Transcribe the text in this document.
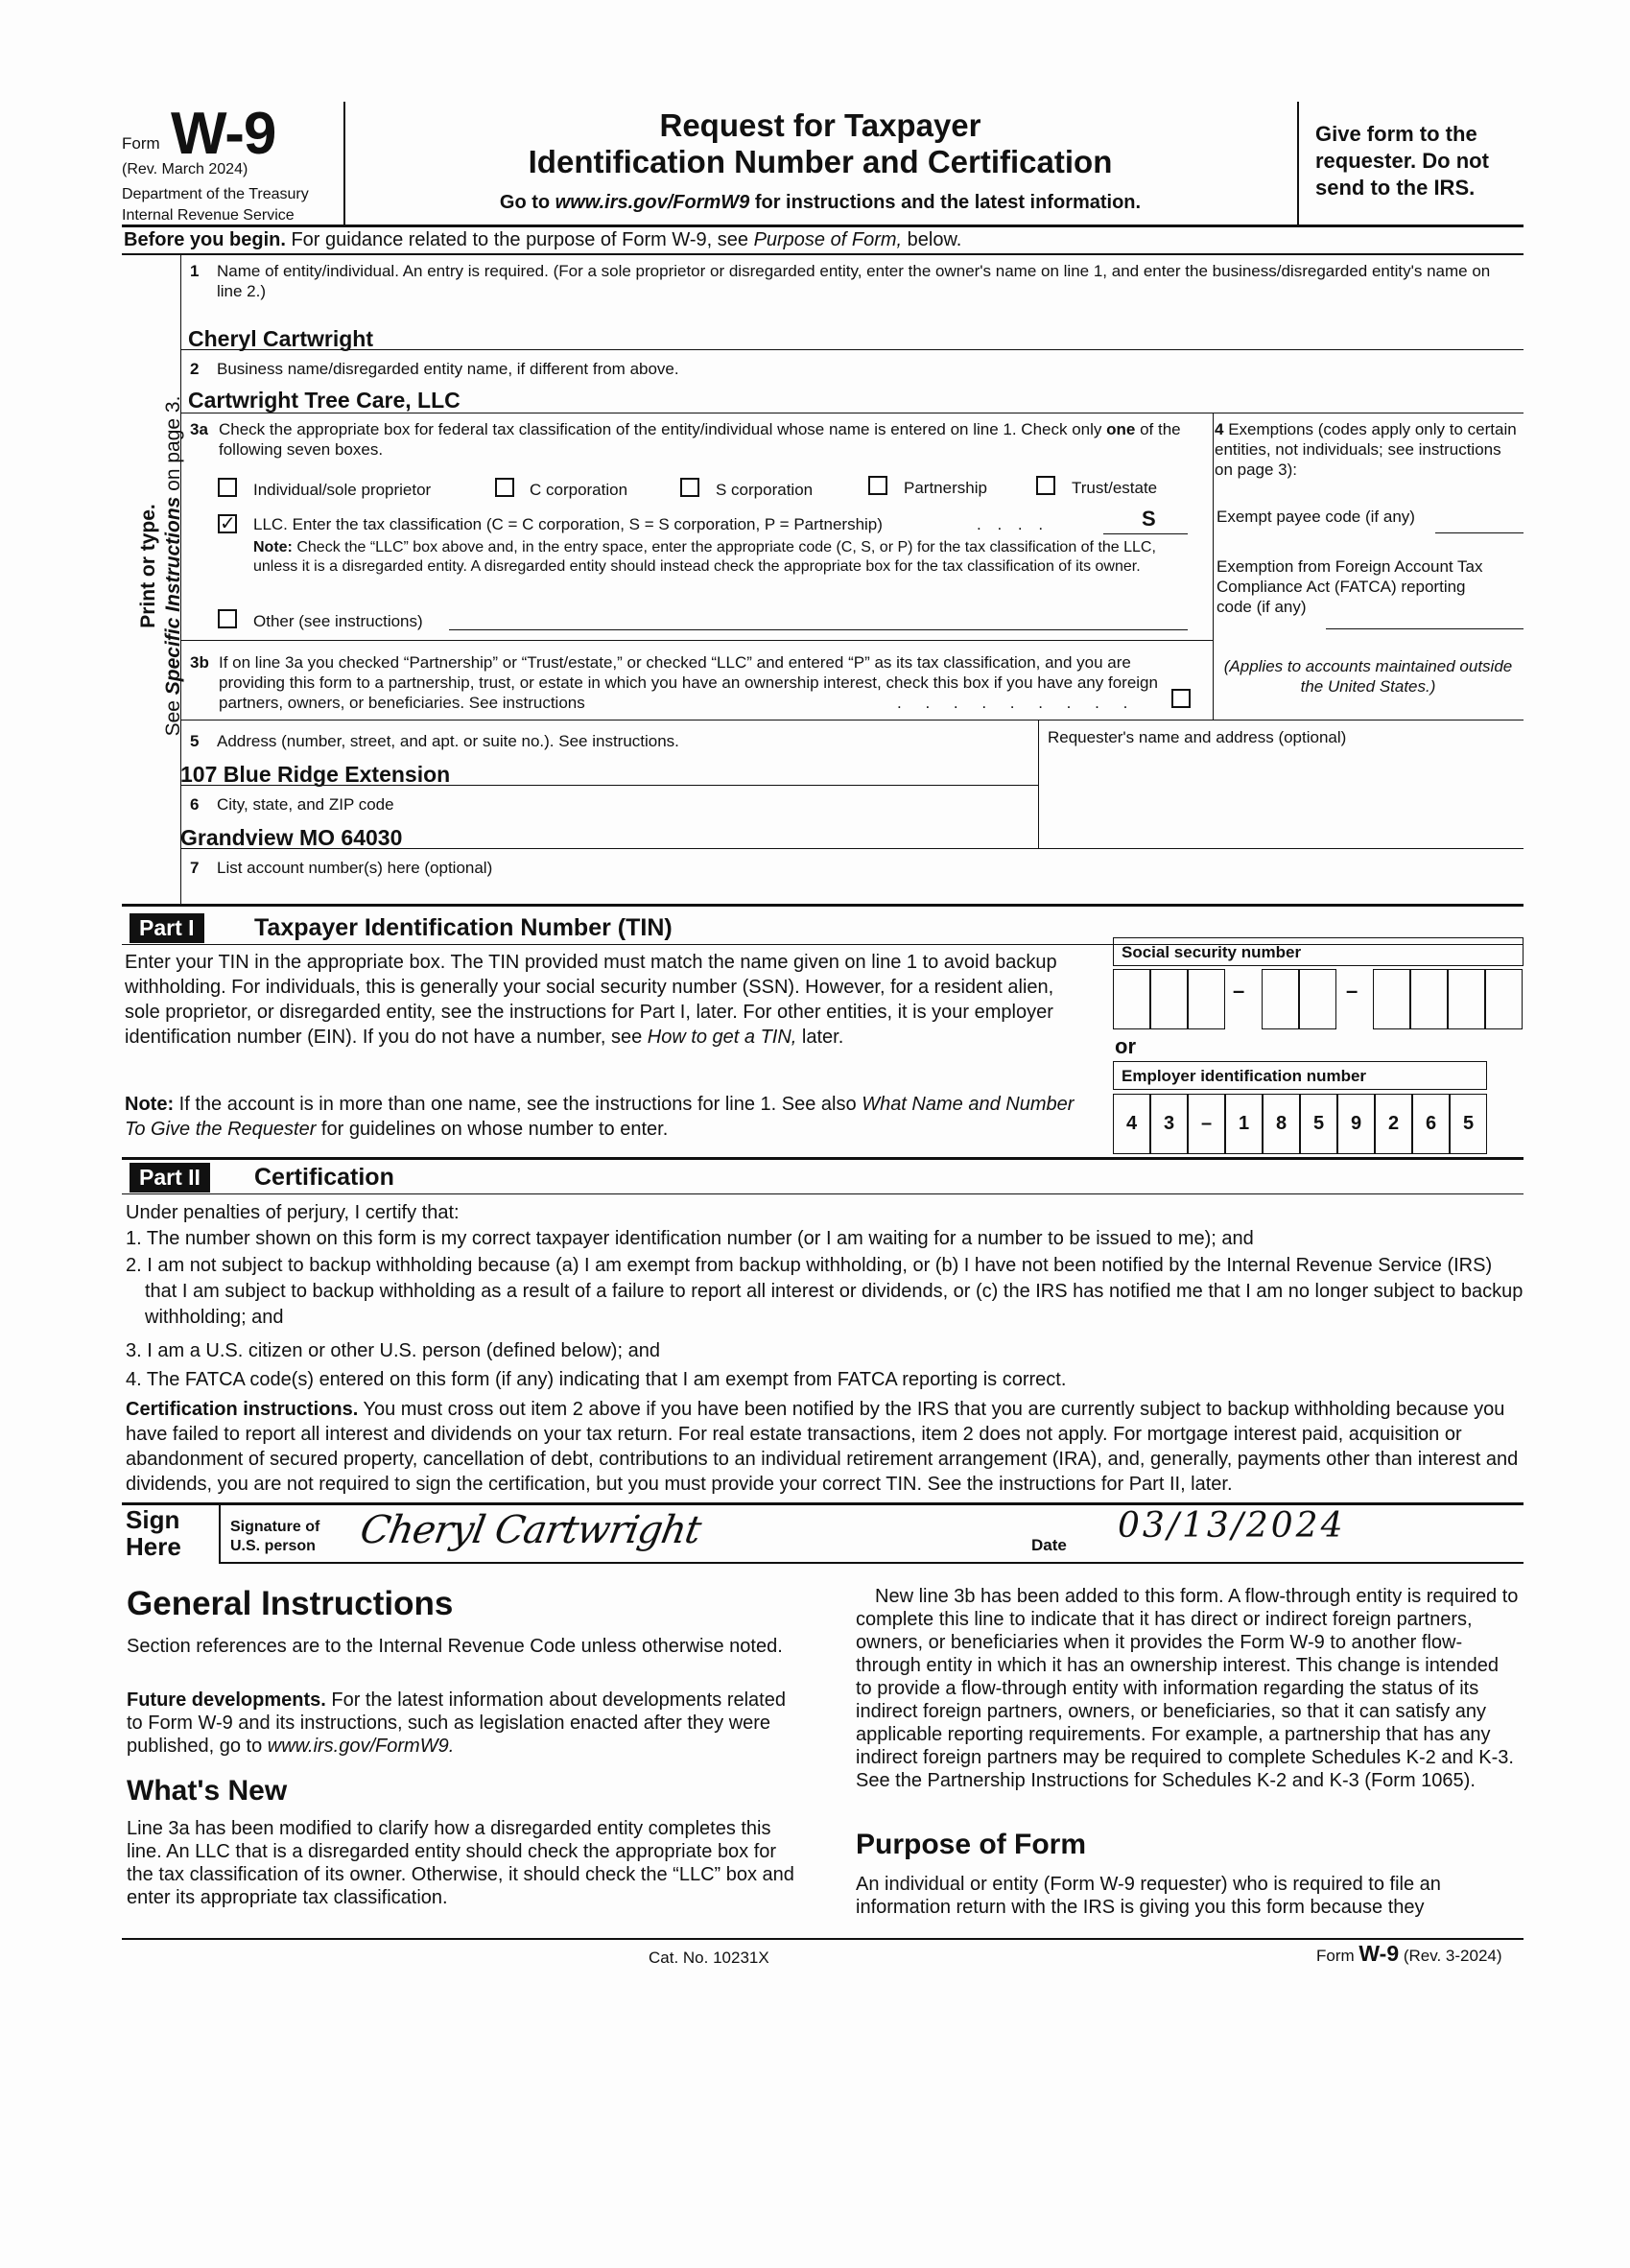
Form W-9
(Rev. March 2024)
Department of the Treasury
Internal Revenue Service
Request for Taxpayer
Identification Number and Certification
Go to www.irs.gov/FormW9 for instructions and the latest information.
Give form to the requester. Do not send to the IRS.
Before you begin. For guidance related to the purpose of Form W-9, see Purpose of Form, below.
Print or type.
See Specific Instructions on page 3.
1 Name of entity/individual. An entry is required. (For a sole proprietor or disregarded entity, enter the owner's name on line 1, and enter the business/disregarded entity's name on line 2.)
Cheryl Cartwright
2 Business name/disregarded entity name, if different from above.
Cartwright Tree Care, LLC
3a Check the appropriate box for federal tax classification of the entity/individual whose name is entered on line 1. Check only one of the following seven boxes.
Individual/sole proprietor	C corporation	S corporation	Partnership	Trust/estate
✓ LLC. Enter the tax classification (C = C corporation, S = S corporation, P = Partnership)	. . . .	S
Note: Check the “LLC” box above and, in the entry space, enter the appropriate code (C, S, or P) for the tax classification of the LLC, unless it is a disregarded entity. A disregarded entity should instead check the appropriate box for the tax classification of its owner.
Other (see instructions)
3b If on line 3a you checked “Partnership” or “Trust/estate,” or checked “LLC” and entered “P” as its tax classification, and you are providing this form to a partnership, trust, or estate in which you have an ownership interest, check this box if you have any foreign partners, owners, or beneficiaries. See instructions	. . . . . . . . .
4 Exemptions (codes apply only to certain entities, not individuals; see instructions on page 3):
Exempt payee code (if any)
Exemption from Foreign Account Tax Compliance Act (FATCA) reporting code (if any)
(Applies to accounts maintained outside the United States.)
5 Address (number, street, and apt. or suite no.). See instructions.
107 Blue Ridge Extension
Requester's name and address (optional)
6 City, state, and ZIP code
Grandview MO 64030
7 List account number(s) here (optional)
Part I	Taxpayer Identification Number (TIN)
Enter your TIN in the appropriate box. The TIN provided must match the name given on line 1 to avoid backup withholding. For individuals, this is generally your social security number (SSN). However, for a resident alien, sole proprietor, or disregarded entity, see the instructions for Part I, later. For other entities, it is your employer identification number (EIN). If you do not have a number, see How to get a TIN, later.
Note: If the account is in more than one name, see the instructions for line 1. See also What Name and Number To Give the Requester for guidelines on whose number to enter.
Social security number
–	–
or
Employer identification number
4	3	–	1	8	5	9	2	6	5
Part II	Certification
Under penalties of perjury, I certify that:
1. The number shown on this form is my correct taxpayer identification number (or I am waiting for a number to be issued to me); and
2. I am not subject to backup withholding because (a) I am exempt from backup withholding, or (b) I have not been notified by the Internal Revenue Service (IRS) that I am subject to backup withholding as a result of a failure to report all interest or dividends, or (c) the IRS has notified me that I am no longer subject to backup withholding; and
3. I am a U.S. citizen or other U.S. person (defined below); and
4. The FATCA code(s) entered on this form (if any) indicating that I am exempt from FATCA reporting is correct.
Certification instructions. You must cross out item 2 above if you have been notified by the IRS that you are currently subject to backup withholding because you have failed to report all interest and dividends on your tax return. For real estate transactions, item 2 does not apply. For mortgage interest paid, acquisition or abandonment of secured property, cancellation of debt, contributions to an individual retirement arrangement (IRA), and, generally, payments other than interest and dividends, you are not required to sign the certification, but you must provide your correct TIN. See the instructions for Part II, later.
Sign
Here
Signature of
U.S. person Cheryl Cartwright	Date 03/13/2024
General Instructions
Section references are to the Internal Revenue Code unless otherwise noted.
Future developments. For the latest information about developments related to Form W-9 and its instructions, such as legislation enacted after they were published, go to www.irs.gov/FormW9.
What's New
Line 3a has been modified to clarify how a disregarded entity completes this line. An LLC that is a disregarded entity should check the appropriate box for the tax classification of its owner. Otherwise, it should check the “LLC” box and enter its appropriate tax classification.
New line 3b has been added to this form. A flow-through entity is required to complete this line to indicate that it has direct or indirect foreign partners, owners, or beneficiaries when it provides the Form W-9 to another flow-through entity in which it has an ownership interest. This change is intended to provide a flow-through entity with information regarding the status of its indirect foreign partners, owners, or beneficiaries, so that it can satisfy any applicable reporting requirements. For example, a partnership that has any indirect foreign partners may be required to complete Schedules K-2 and K-3. See the Partnership Instructions for Schedules K-2 and K-3 (Form 1065).
Purpose of Form
An individual or entity (Form W-9 requester) who is required to file an information return with the IRS is giving you this form because they
Cat. No. 10231X	Form W-9 (Rev. 3-2024)
